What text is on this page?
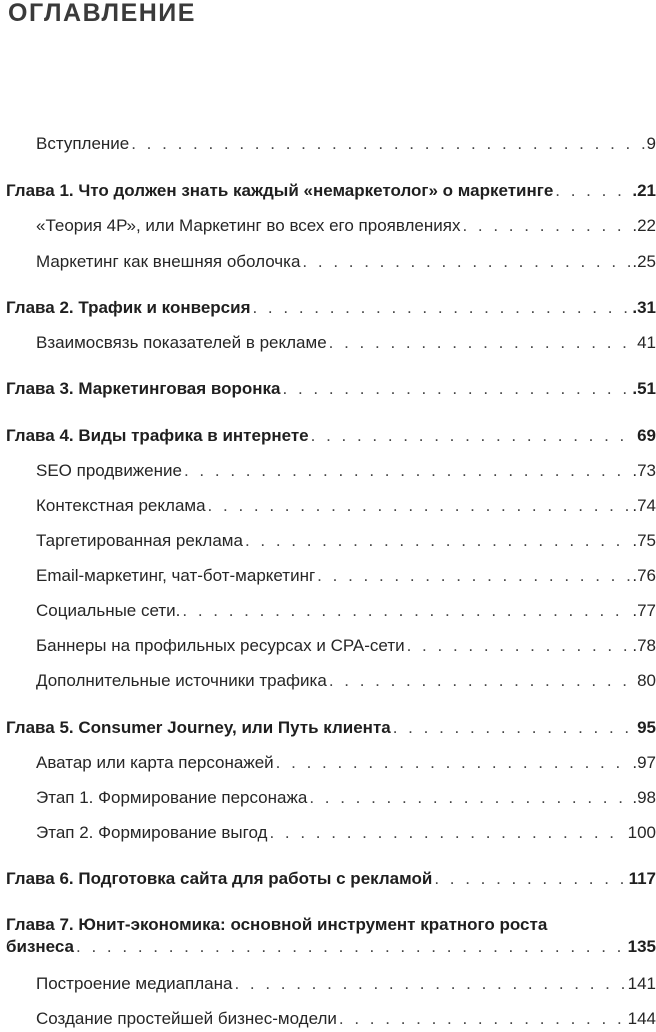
ОГЛАВЛЕНИЕ
Вступление . . .	9
Глава 1. Что должен знать каждый «немаркетолог» о маркетинге . . .	.21
«Теория 4Р», или Маркетинг во всех его проявлениях . . .	.22
Маркетинг как внешняя оболочка . . .	.25
Глава 2. Трафик и конверсия . . .	.31
Взаимосвязь показателей в рекламе . . .	41
Глава 3. Маркетинговая воронка . . .	.51
Глава 4. Виды трафика в интернете . . .	69
SEO продвижение . . .	.73
Контекстная реклама . . .	.74
Таргетированная реклама . . .	.75
Email-маркетинг, чат-бот-маркетинг . . .	.76
Социальные сети. . . .	.77
Баннеры на профильных ресурсах и CPA-сети . . .	.78
Дополнительные источники трафика . . .	80
Глава 5. Consumer Journey, или Путь клиента . . .	95
Аватар или карта персонажей . . .	.97
Этап 1. Формирование персонажа . . .	.98
Этап 2. Формирование выгод . . .	100
Глава 6. Подготовка сайта для работы с рекламой . . .	117
Глава 7. Юнит-экономика: основной инструмент кратного роста
бизнеса . . .	135
Построение медиаплана . . .	141
Создание простейшей бизнес-модели . . .	144
